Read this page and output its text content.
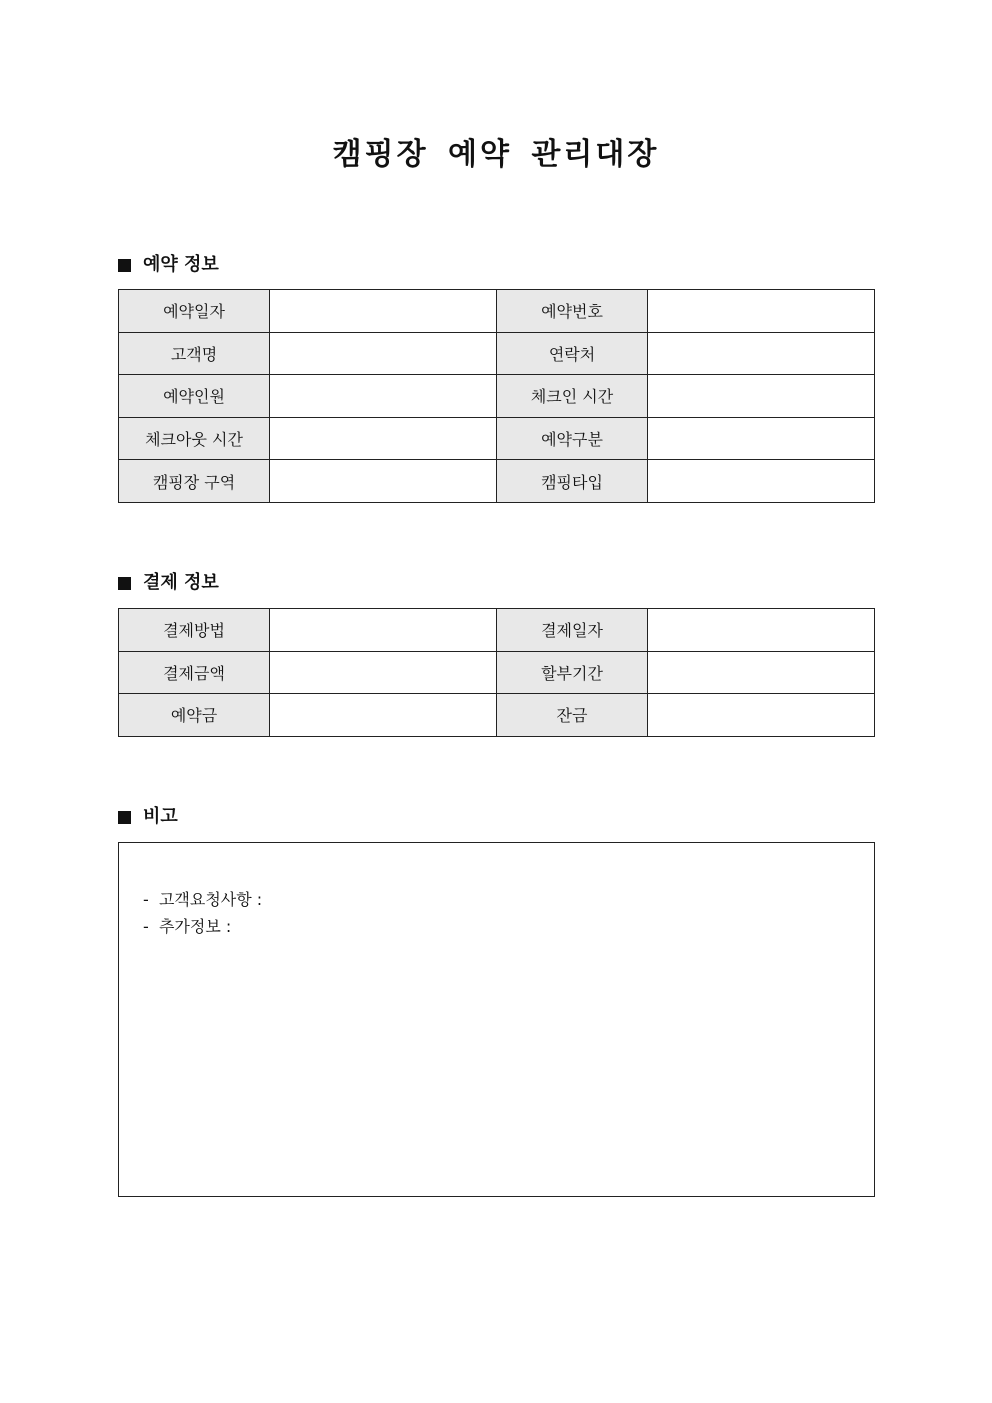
캠핑장 예약 관리대장
예약 정보
예약일자		예약번호	
고객명		연락처	
예약인원		체크인 시간	
체크아웃 시간		예약구분	
캠핑장 구역		캠핑타입	
결제 정보
결제방법		결제일자	
결제금액		할부기간	
예약금		잔금	
비고
-  고객요청사항 :
-  추가정보 :
